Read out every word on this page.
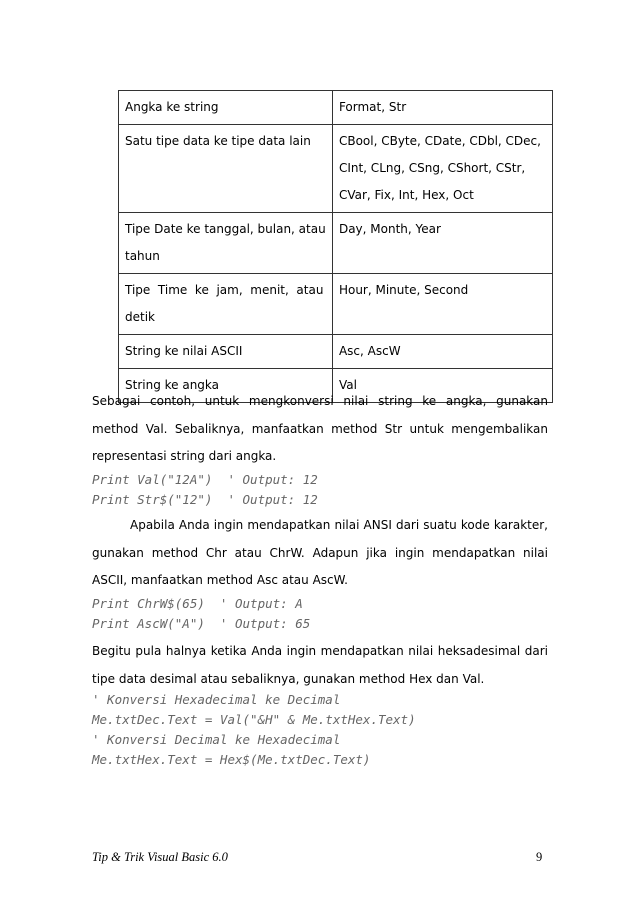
Angka ke string	Format, Str

Satu tipe data ke tipe data lain	CBool, CByte, CDate, CDbl, CDec,
CInt, CLng, CSng, CShort, CStr,
CVar, Fix, Int, Hex, Oct

Tipe Date ke tanggal, bulan, atau
tahun	Day, Month, Year

Tipe  Time  ke  jam,  menit,  atau
detik	Hour, Minute, Second

String ke nilai ASCII	Asc, AscW

String ke angka	Val

Sebagai contoh, untuk mengkonversi nilai string ke angka, gunakan method Val. Sebaliknya, manfaatkan method Str untuk mengembalikan representasi string dari angka.

Print Val("12A")  ' Output: 12
Print Str$("12")  ' Output: 12

Apabila Anda ingin mendapatkan nilai ANSI dari suatu kode karakter, gunakan method Chr atau ChrW. Adapun jika ingin mendapatkan nilai ASCII, manfaatkan method Asc atau AscW.

Print ChrW$(65)  ' Output: A
Print AscW("A")  ' Output: 65

Begitu pula halnya ketika Anda ingin mendapatkan nilai heksadesimal dari tipe data desimal atau sebaliknya, gunakan method Hex dan Val.

' Konversi Hexadecimal ke Decimal
Me.txtDec.Text = Val("&H" & Me.txtHex.Text)
' Konversi Decimal ke Hexadecimal
Me.txtHex.Text = Hex$(Me.txtDec.Text)
Tip & Trik Visual Basic 6.0	9
